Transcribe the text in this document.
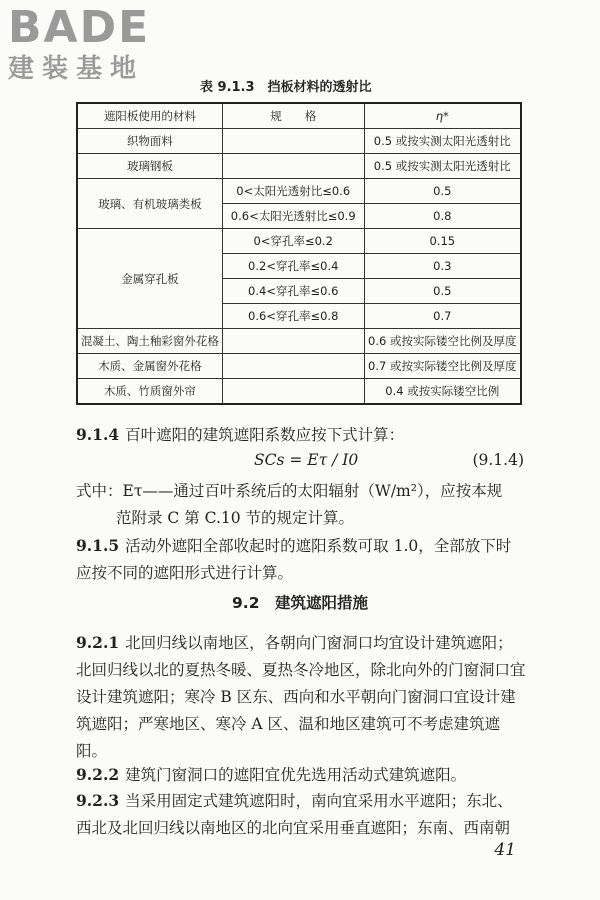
BADE
建装基地
表 9.1.3　挡板材料的透射比
遮阳板使用的材料	规　　格	η*
织物面料		0.5 或按实测太阳光透射比
玻璃钢板		0.5 或按实测太阳光透射比
玻璃、有机玻璃类板	0<太阳光透射比≤0.6	0.5
	0.6<太阳光透射比≤0.9	0.8
金属穿孔板	0<穿孔率≤0.2	0.15
	0.2<穿孔率≤0.4	0.3
	0.4<穿孔率≤0.6	0.5
	0.6<穿孔率≤0.8	0.7
混凝土、陶土釉彩窗外花格		0.6 或按实际镂空比例及厚度
木质、金属窗外花格		0.7 或按实际镂空比例及厚度
木质、竹质窗外帘		0.4 或按实际镂空比例
9.1.4 百叶遮阳的建筑遮阳系数应按下式计算：
SCs = Eτ / I0	(9.1.4)
式中：Eτ——通过百叶系统后的太阳辐射（W/m²），应按本规
范附录 C 第 C.10 节的规定计算。
9.1.5 活动外遮阳全部收起时的遮阳系数可取 1.0，全部放下时应按不同的遮阳形式进行计算。
9.2　建筑遮阳措施
9.2.1 北回归线以南地区，各朝向门窗洞口均宜设计建筑遮阳；北回归线以北的夏热冬暖、夏热冬冷地区，除北向外的门窗洞口宜设计建筑遮阳；寒冷 B 区东、西向和水平朝向门窗洞口宜设计建筑遮阳；严寒地区、寒冷 A 区、温和地区建筑可不考虑建筑遮阳。
9.2.2 建筑门窗洞口的遮阳宜优先选用活动式建筑遮阳。
9.2.3 当采用固定式建筑遮阳时，南向宜采用水平遮阳；东北、西北及北回归线以南地区的北向宜采用垂直遮阳；东南、西南朝
41
